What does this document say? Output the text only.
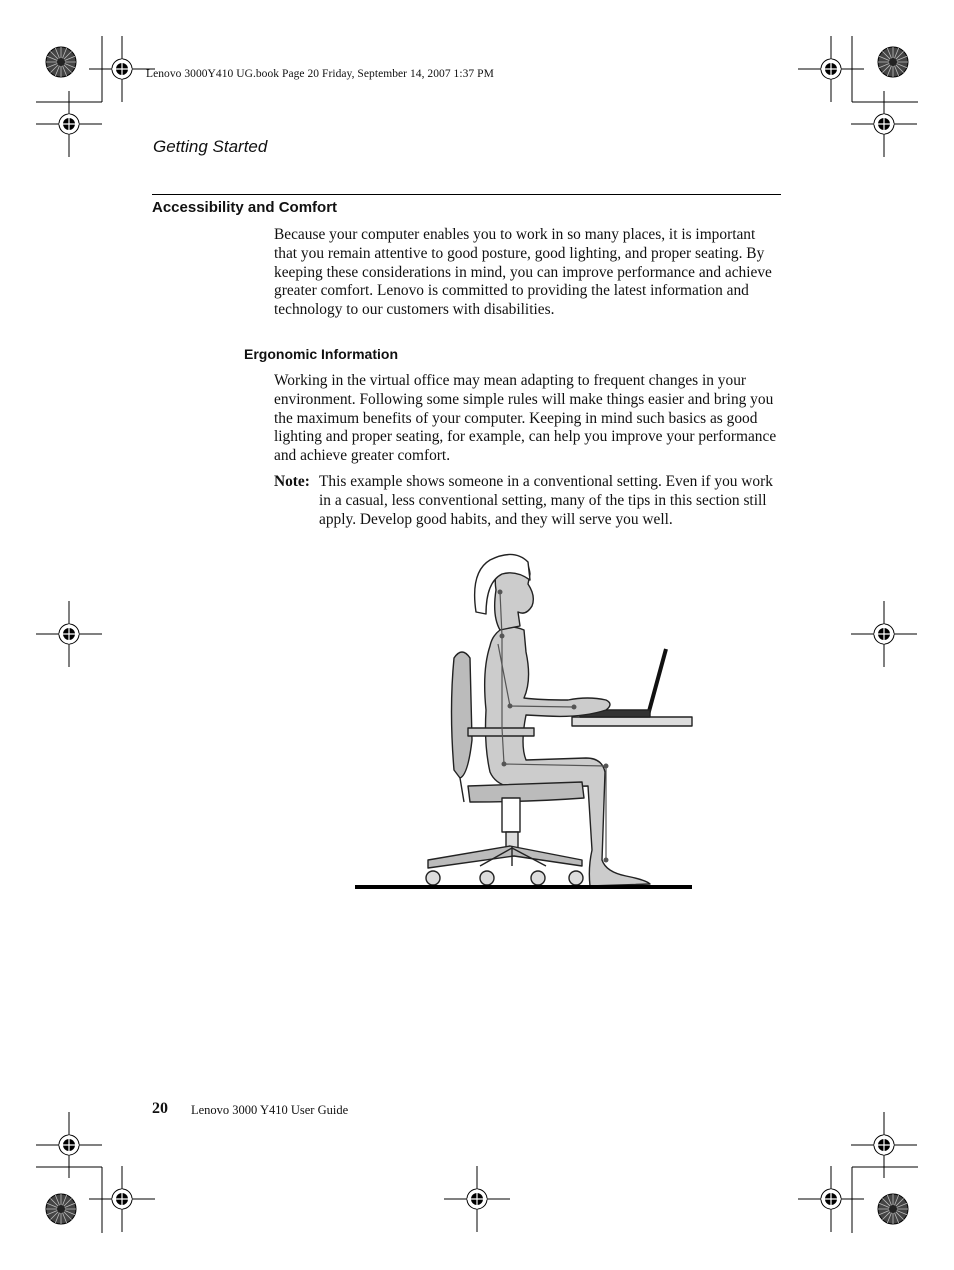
Lenovo 3000Y410 UG.book Page 20 Friday, September 14, 2007 1:37 PM
Getting Started
Accessibility and Comfort
Because your computer enables you to work in so many places, it is important that you remain attentive to good posture, good lighting, and proper seating. By keeping these considerations in mind, you can improve performance and achieve greater comfort. Lenovo is committed to providing the latest information and technology to our customers with disabilities.
Ergonomic Information
Working in the virtual office may mean adapting to frequent changes in your environment. Following some simple rules will make things easier and bring you the maximum benefits of your computer. Keeping in mind such basics as good lighting and proper seating, for example, can help you improve your performance and achieve greater comfort.
Note: This example shows someone in a conventional setting. Even if you work in a casual, less conventional setting, many of the tips in this section still apply. Develop good habits, and they will serve you well.
20 Lenovo 3000 Y410 User Guide
